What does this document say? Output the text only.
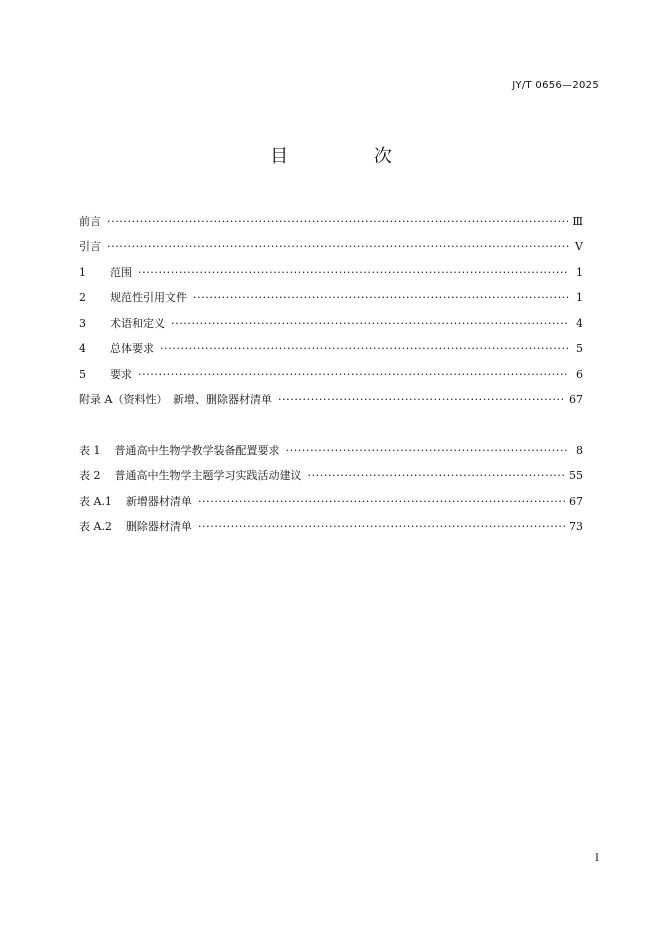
JY/T 0656—2025
目 次
前言 ·····	Ⅲ
引言 ·····	Ⅴ
1 范围 ·····	1
2 规范性引用文件 ·····	1
3 术语和定义 ·····	4
4 总体要求 ·····	5
5 要求 ·····	6
附录 A（资料性）　新增、删除器材清单 ·····	67
表 1 普通高中生物学教学装备配置要求 ·····	8
表 2 普通高中生物学主题学习实践活动建议 ·····	55
表 A.1 新增器材清单 ·····	67
表 A.2 删除器材清单 ·····	73
I
